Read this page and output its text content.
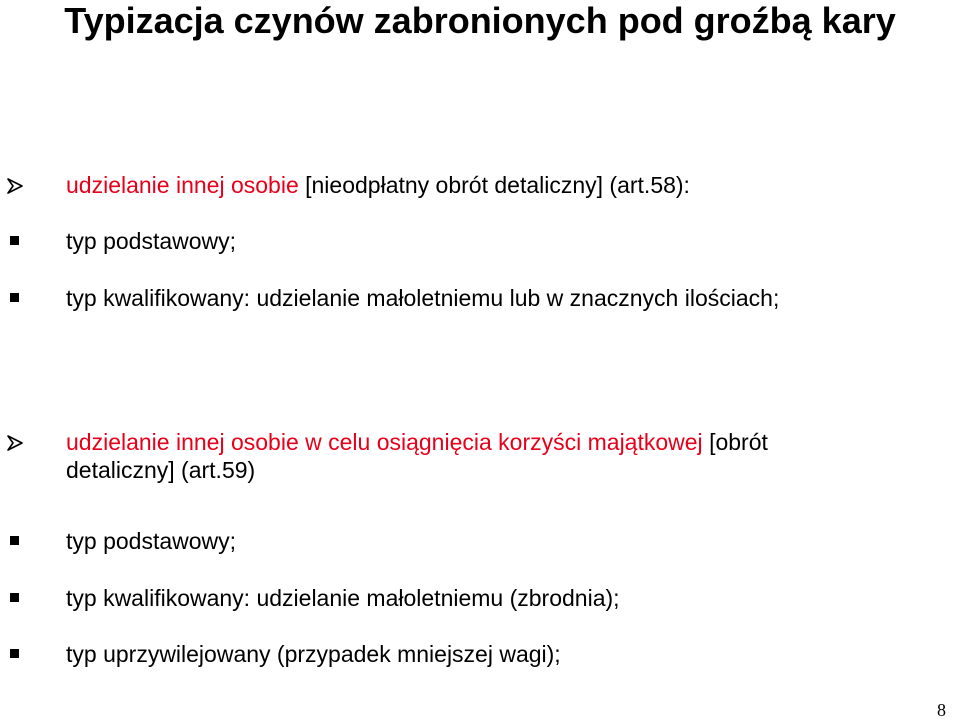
Typizacja czynów zabronionych pod groźbą kary
udzielanie innej osobie [nieodpłatny obrót detaliczny] (art.58):
typ podstawowy;
typ kwalifikowany: udzielanie małoletniemu lub w znacznych ilościach;
udzielanie innej osobie w celu osiągnięcia korzyści majątkowej [obrót detaliczny] (art.59)
typ podstawowy;
typ kwalifikowany: udzielanie małoletniemu (zbrodnia);
typ uprzywilejowany (przypadek mniejszej wagi);
8
